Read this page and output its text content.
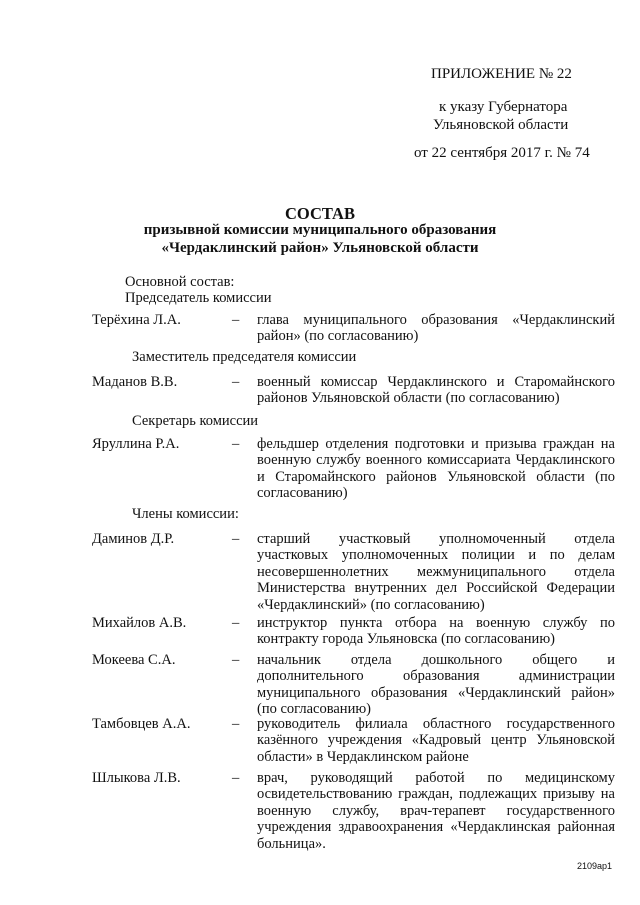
ПРИЛОЖЕНИЕ № 22
к указу Губернатора
Ульяновской области
от 22 сентября 2017 г. № 74
СОСТАВ
призывной комиссии муниципального образования
«Чердаклинский район» Ульяновской области
Основной состав:
Председатель комиссии
Терёхина Л.А.	– глава муниципального образования «Чердаклинский район» (по согласованию)
Заместитель председателя комиссии
Маданов В.В.	– военный комиссар Чердаклинского и Старомайнского районов Ульяновской области (по согласованию)
Секретарь комиссии
Яруллина Р.А.	– фельдшер отделения подготовки и призыва граждан на военную службу военного комиссариата Чердаклинского и Старомайнского районов Ульяновской области (по согласованию)
Члены комиссии:
Даминов Д.Р.	– старший участковый уполномоченный отдела участковых уполномоченных полиции и по делам несовершеннолетних межмуниципального отдела Министерства внутренних дел Российской Федерации «Чердаклинский» (по согласованию)
Михайлов А.В.	– инструктор пункта отбора на военную службу по контракту города Ульяновска (по согласованию)
Мокеева С.А.	– начальник отдела дошкольного общего и дополнительного образования администрации муниципального образования «Чердаклинский район» (по согласованию)
Тамбовцев А.А.	– руководитель филиала областного государственного казённого учреждения «Кадровый центр Ульяновской области» в Чердаклинском районе
Шлыкова Л.В.	– врач, руководящий работой по медицинскому освидетельствованию граждан, подлежащих призыву на военную службу, врач-терапевт государственного учреждения здравоохранения «Чердаклинская районная больница».
2109ap1
